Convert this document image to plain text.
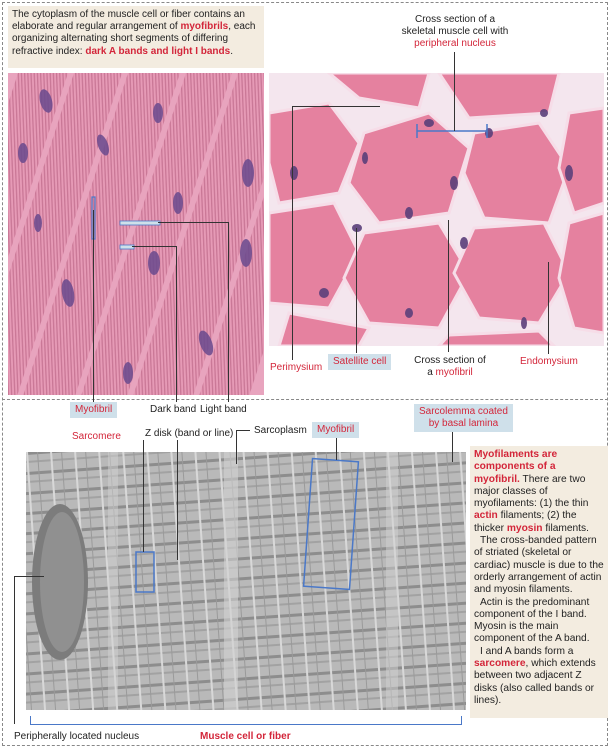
The cytoplasm of the muscle cell or fiber contains an elaborate and regular arrangement of myofibrils, each organizing alternating short segments of differing refractive index: dark A bands and light I bands.
Cross section of a
skeletal muscle cell with
peripheral nucleus
Myofibril	Dark band Light band
Perimysium
Satellite cell	Cross section of
a myofibril
Endomysium
Sarcolemma coated
by basal lamina
Sarcomere Z disk (band or line) Sarcoplasm	Myofibril
Peripherally located nucleus	Muscle cell or fiber

Myofilaments are components of a myofibril. There are two major classes of myofilaments: (1) the thin actin filaments; (2) the thicker myosin filaments.

The cross-banded pattern of striated (skeletal or cardiac) muscle is due to the orderly arrangement of actin and myosin filaments.

Actin is the predominant component of the I band. Myosin is the main component of the A band.

I and A bands form a sarcomere, which extends between two adjacent Z disks (also called bands or lines).
